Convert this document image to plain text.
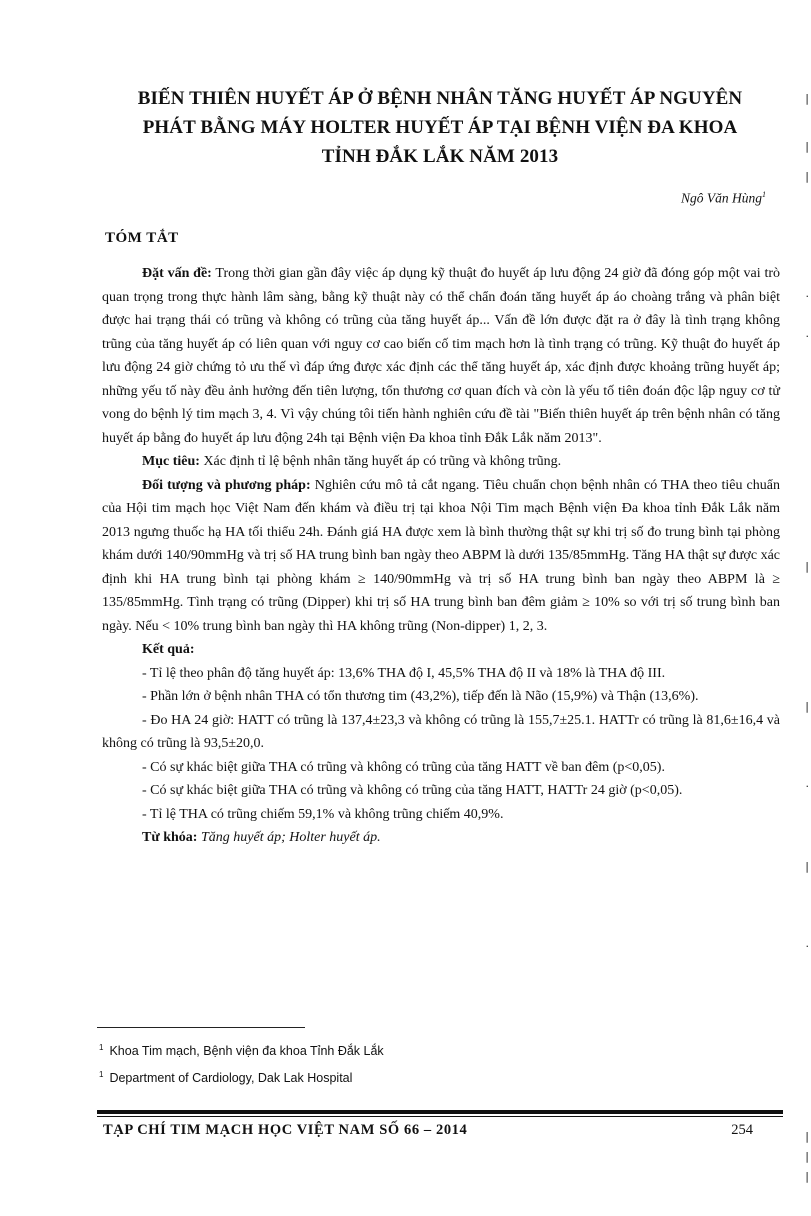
BIẾN THIÊN HUYẾT ÁP Ở BỆNH NHÂN TĂNG HUYẾT ÁP NGUYÊN
PHÁT BẰNG MÁY HOLTER HUYẾT ÁP TẠI BỆNH VIỆN ĐA KHOA
TỈNH ĐẮK LẮK NĂM 2013
Ngô Văn Hùng$^1$
TÓM TẮT

Đặt vấn đề: Trong thời gian gần đây việc áp dụng kỹ thuật đo huyết áp lưu động 24 giờ đã đóng góp một vai trò quan trọng trong thực hành lâm sàng, bằng kỹ thuật này có thể chẩn đoán tăng huyết áp áo choàng trắng và phân biệt được hai trạng thái có trũng và không có trũng của tăng huyết áp... Vấn đề lớn được đặt ra ở đây là tình trạng không trũng của tăng huyết áp có liên quan với nguy cơ cao biến cố tim mạch hơn là tình trạng có trũng. Kỹ thuật đo huyết áp lưu động 24 giờ chứng tỏ ưu thế vì đáp ứng được xác định các thể tăng huyết áp, xác định được khoảng trũng huyết áp; những yếu tố này đều ảnh hưởng đến tiên lượng, tổn thương cơ quan đích và còn là yếu tố tiên đoán độc lập nguy cơ tử vong do bệnh lý tim mạch 3, 4. Vì vậy chúng tôi tiến hành nghiên cứu đề tài "Biến thiên huyết áp trên bệnh nhân có tăng huyết áp bằng đo huyết áp lưu động 24h tại Bệnh viện Đa khoa tỉnh Đắk Lắk năm 2013".

Mục tiêu: Xác định tỉ lệ bệnh nhân tăng huyết áp có trũng và không trũng.

Đối tượng và phương pháp: Nghiên cứu mô tả cắt ngang. Tiêu chuẩn chọn bệnh nhân có THA theo tiêu chuẩn của Hội tim mạch học Việt Nam đến khám và điều trị tại khoa Nội Tim mạch Bệnh viện Đa khoa tỉnh Đắk Lắk năm 2013 ngưng thuốc hạ HA tối thiểu 24h. Đánh giá HA được xem là bình thường thật sự khi trị số đo trung bình tại phòng khám dưới 140/90mmHg và trị số HA trung bình ban ngày theo ABPM là dưới 135/85mmHg. Tăng HA thật sự được xác định khi HA trung bình tại phòng khám ≥ 140/90mmHg và trị số HA trung bình ban ngày theo ABPM là ≥ 135/85mmHg. Tình trạng có trũng (Dipper) khi trị số HA trung bình ban đêm giảm ≥ 10% so với trị số trung bình ban ngày. Nếu < 10% trung bình ban ngày thì HA không trũng (Non-dipper) 1, 2, 3.

Kết quả:

- Tỉ lệ theo phân độ tăng huyết áp: 13,6% THA độ I, 45,5% THA độ II và 18% là THA độ III.

- Phần lớn ở bệnh nhân THA có tổn thương tim (43,2%), tiếp đến là Não (15,9%) và Thận (13,6%).

- Đo HA 24 giờ: HATT có trũng là 137,4±23,3 và không có trũng là 155,7±25.1. HATTr có trũng là 81,6±16,4 và không có trũng là 93,5±20,0.

- Có sự khác biệt giữa THA có trũng và không có trũng của tăng HATT về ban đêm (p<0,05).

- Có sự khác biệt giữa THA có trũng và không có trũng của tăng HATT, HATTr 24 giờ (p<0,05).

- Tỉ lệ THA có trũng chiếm 59,1% và không trũng chiếm 40,9%.

Từ khóa: Tăng huyết áp; Holter huyết áp.

$^1$ Khoa Tim mạch, Bệnh viện đa khoa Tỉnh Đắk Lắk
$^1$ Department of Cardiology, Dak Lak Hospital
TẠP CHÍ TIM MẠCH HỌC VIỆT NAM SỐ 66 – 2014	254
|
|
|
·
·
|
|
·
|
·
|
|
|
